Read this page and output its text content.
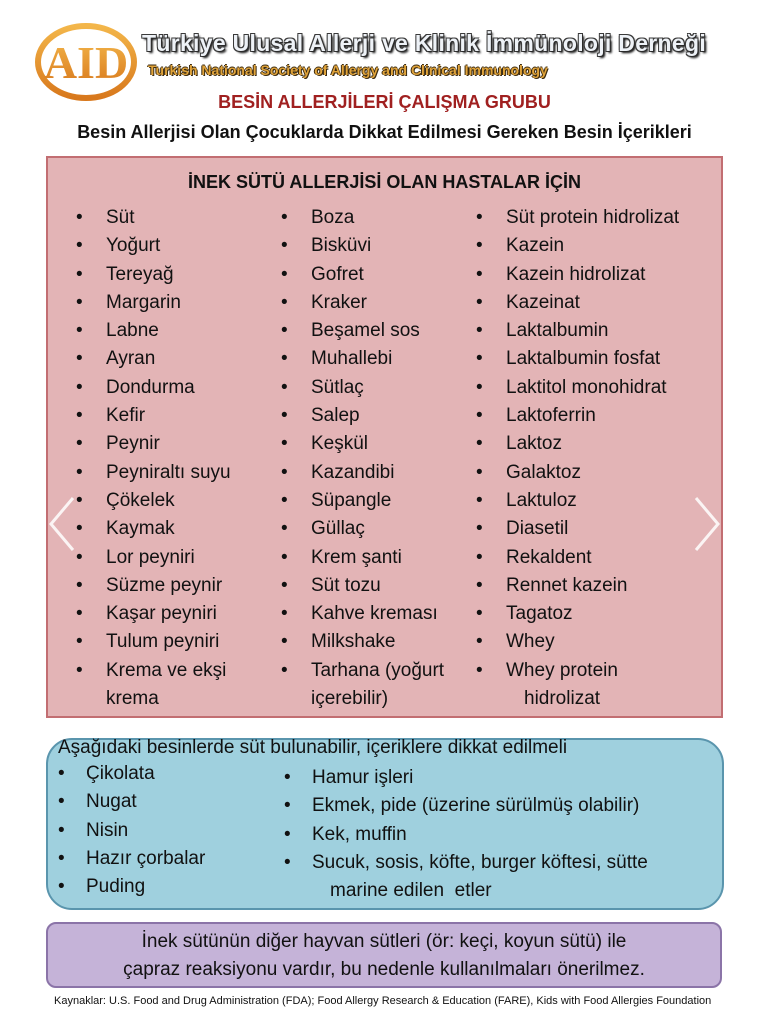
AID Türkiye Ulusal Allerji ve Klinik İmmünoloji Derneği
Turkish National Society of Allergy and Clinical Immunology
BESİN ALLERJİLERİ ÇALIŞMA GRUBU
Besin Allerjisi Olan Çocuklarda Dikkat Edilmesi Gereken Besin İçerikleri
İNEK SÜTÜ ALLERJİSİ OLAN HASTALAR İÇİN
• Süt
• Yoğurt
• Tereyağ
• Margarin
• Labne
• Ayran
• Dondurma
• Kefir
• Peynir
• Peyniraltı suyu
• Çökelek
• Kaymak
• Lor peyniri
• Süzme peynir
• Kaşar peyniri
• Tulum peyniri
• Krema ve ekşi
krema
• Boza
• Bisküvi
• Gofret
• Kraker
• Beşamel sos
• Muhallebi
• Sütlaç
• Salep
• Keşkül
• Kazandibi
• Süpangle
• Güllaç
• Krem şanti
• Süt tozu
• Kahve kreması
• Milkshake
• Tarhana (yoğurt
içerebilir)
• Süt protein hidrolizat
• Kazein
• Kazein hidrolizat
• Kazeinat
• Laktalbumin
• Laktalbumin fosfat
• Laktitol monohidrat
• Laktoferrin
• Laktoz
• Galaktoz
• Laktuloz
• Diasetil
• Rekaldent
• Rennet kazein
• Tagatoz
• Whey
• Whey protein
hidrolizat
Aşağıdaki besinlerde süt bulunabilir, içeriklere dikkat edilmeli
• Çikolata
• Nugat
• Nisin
• Hazır çorbalar
• Puding
• Hamur işleri
• Ekmek, pide (üzerine sürülmüş olabilir)
• Kek, muffin
• Sucuk, sosis, köfte, burger köftesi, sütte
marine edilen  etler
İnek sütünün diğer hayvan sütleri (ör: keçi, koyun sütü) ile
çapraz reaksiyonu vardır, bu nedenle kullanılmaları önerilmez.
Kaynaklar: U.S. Food and Drug Administration (FDA); Food Allergy Research & Education (FARE), Kids with Food Allergies Foundation
